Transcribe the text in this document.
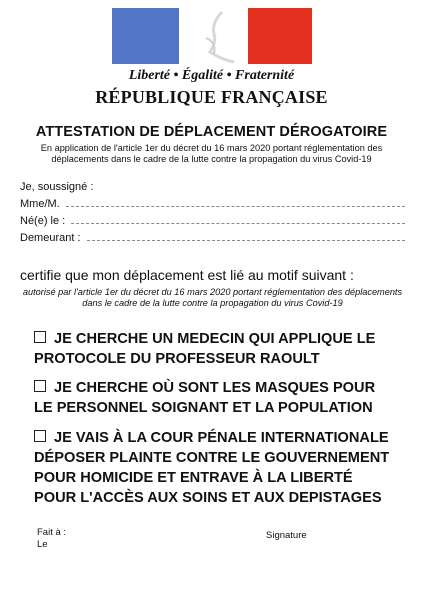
Liberté • Égalité • Fraternité
RÉPUBLIQUE FRANÇAISE
ATTESTATION DE DÉPLACEMENT DÉROGATOIRE
En application de l'article 1er du décret du 16 mars 2020 portant réglementation des déplacements dans le cadre de la lutte contre la propagation du virus Covid-19
Je, soussigné :
Mme/M.
Né(e) le :
Demeurant :
certifie que mon déplacement est lié au motif suivant :
autorisé par l'article 1er du décret du 16 mars 2020 portant réglementation des déplacements dans le cadre de la lutte contre la propagation du virus Covid-19
JE CHERCHE UN MEDECIN QUI APPLIQUE LE PROTOCOLE DU PROFESSEUR RAOULT
JE CHERCHE OÙ SONT LES MASQUES POUR LE PERSONNEL SOIGNANT ET LA POPULATION
JE VAIS À LA COUR PÉNALE INTERNATIONALE DÉPOSER PLAINTE CONTRE LE GOUVERNEMENT POUR HOMICIDE ET ENTRAVE À LA LIBERTÉ POUR L'ACCÈS AUX SOINS ET AUX DEPISTAGES
Fait à :
Le
Signature
